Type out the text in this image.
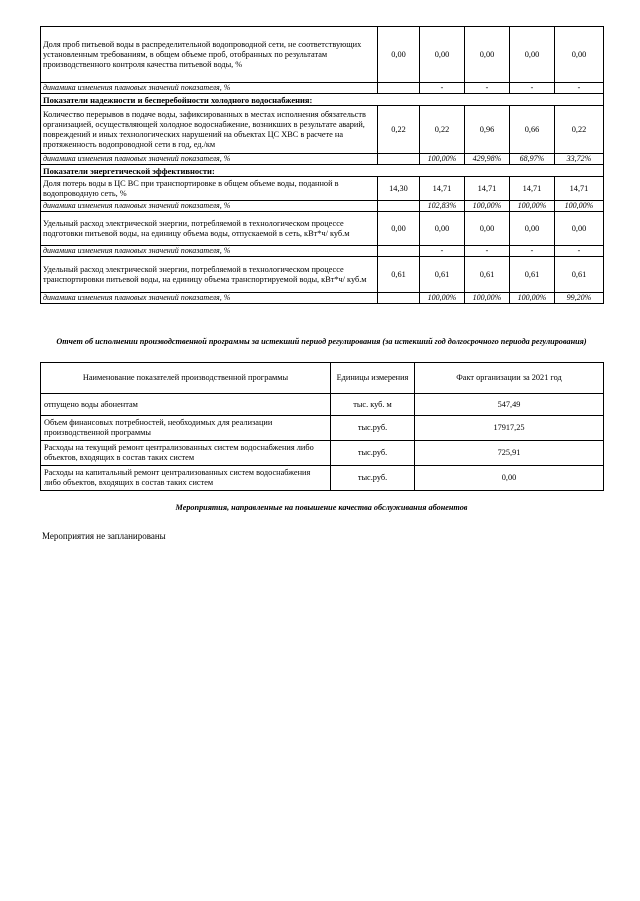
Доля проб питьевой воды в распределительной водопроводной сети, не соответствующих установленным требованиям, в общем объеме проб, отобранных по результатам производственного контроля качества питьевой воды, %	0,00	0,00	0,00	0,00	0,00
динамика изменения плановых значений показателя, %		-	-	-	-
Показатели надежности и бесперебойности холодного водоснабжения:					
Количество перерывов в подаче воды, зафиксированных в местах исполнения обязательств организацией, осуществляющей холодное водоснабжение, возникших в результате аварий, повреждений и иных технологических нарушений на объектах ЦС ХВС в расчете на протяженность водопроводной сети в год, ед./км	0,22	0,22	0,96	0,66	0,22
динамика изменения плановых значений показателя, %		100,00%	429,98%	68,97%	33,72%
Показатели энергетической эффективности:					
Доля потерь воды в ЦС ВС при транспортировке в общем объеме воды, поданной в водопроводную сеть, %	14,30	14,71	14,71	14,71	14,71
динамика изменения плановых значений показателя, %		102,83%	100,00%	100,00%	100,00%
Удельный расход электрической энергии, потребляемой в технологическом процессе подготовки питьевой воды, на единицу объема воды, отпускаемой в сеть, кВт*ч/ куб.м	0,00	0,00	0,00	0,00	0,00
динамика изменения плановых значений показателя, %		-	-	-	-
Удельный расход электрической энергии, потребляемой в технологическом процессе транспортировки питьевой воды, на единицу объема транспортируемой воды, кВт*ч/ куб.м	0,61	0,61	0,61	0,61	0,61
динамика изменения плановых значений показателя, %		100,00%	100,00%	100,00%	99,20%
Отчет об исполнении производственной программы за истекший период регулирования (за истекший год долгосрочного периода регулирования)
Наименование показателей производственной программы	Единицы измерения	Факт организации за 2021 год
отпущено воды абонентам	тыс. куб. м	547,49
Объем финансовых потребностей, необходимых для реализации производственной программы	тыс.руб.	17917,25
Расходы на текущий ремонт централизованных систем водоснабжения либо объектов, входящих в состав таких систем	тыс.руб.	725,91
Расходы на капитальный ремонт централизованных систем водоснабжения либо объектов, входящих в состав таких систем	тыс.руб.	0,00
Мероприятия, направленные на повышение качества обслуживания абонентов
Мероприятия не запланированы
